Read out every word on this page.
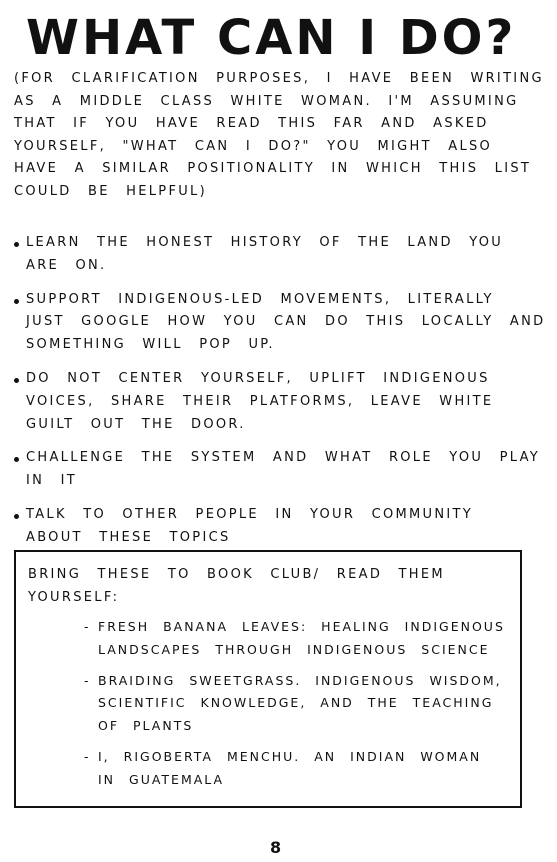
WHAT CAN I DO?
(FOR CLARIFICATION PURPOSES, I HAVE BEEN WRITING AS A MIDDLE CLASS WHITE WOMAN. I'M ASSUMING THAT IF YOU HAVE READ THIS FAR AND ASKED YOURSELF, "WHAT CAN I DO?" YOU MIGHT ALSO HAVE A SIMILAR POSITIONALITY IN WHICH THIS LIST COULD BE HELPFUL)
LEARN THE HONEST HISTORY OF THE LAND YOU ARE ON.
SUPPORT INDIGENOUS-LED MOVEMENTS, LITERALLY JUST GOOGLE HOW YOU CAN DO THIS LOCALLY AND SOMETHING WILL POP UP.
DO NOT CENTER YOURSELF, UPLIFT INDIGENOUS VOICES, SHARE THEIR PLATFORMS, LEAVE WHITE GUILT OUT THE DOOR.
CHALLENGE THE SYSTEM AND WHAT ROLE YOU PLAY IN IT
TALK TO OTHER PEOPLE IN YOUR COMMUNITY ABOUT THESE TOPICS
BRING THESE TO BOOK CLUB/ READ THEM YOURSELF:
- FRESH BANANA LEAVES: HEALING INDIGENOUS LANDSCAPES THROUGH INDIGENOUS SCIENCE
- BRAIDING SWEETGRASS. INDIGENOUS WISDOM, SCIENTIFIC KNOWLEDGE, AND THE TEACHING OF PLANTS
- I, RIGOBERTA MENCHU. AN INDIAN WOMAN IN GUATEMALA
8
